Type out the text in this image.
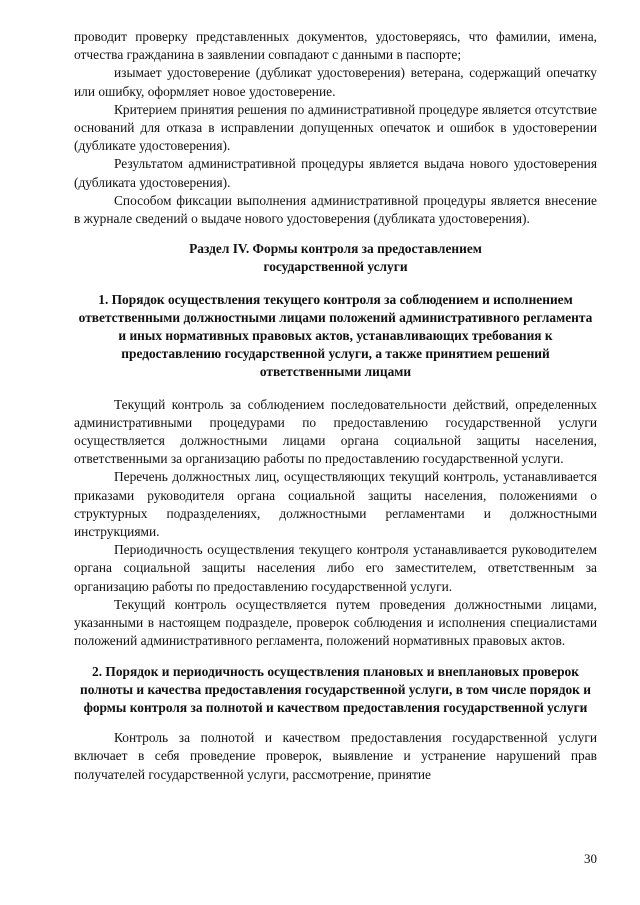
проводит проверку представленных документов, удостоверяясь, что фамилии, имена, отчества гражданина в заявлении совпадают с данными в паспорте;

изымает удостоверение (дубликат удостоверения) ветерана, содержащий опечатку или ошибку, оформляет новое удостоверение.

Критерием принятия решения по административной процедуре является отсутствие оснований для отказа в исправлении допущенных опечаток и ошибок в удостоверении (дубликате удостоверения).

Результатом административной процедуры является выдача нового удостоверения (дубликата удостоверения).

Способом фиксации выполнения административной процедуры является внесение в журнале сведений о выдаче нового удостоверения (дубликата удостоверения).

Раздел IV. Формы контроля за предоставлением
государственной услуги
1. Порядок осуществления текущего контроля за соблюдением и исполнением ответственными должностными лицами положений административного регламента и иных нормативных правовых актов, устанавливающих требования к предоставлению государственной услуги, а также принятием решений ответственными лицами

Текущий контроль за соблюдением последовательности действий, определенных административными процедурами по предоставлению государственной услуги осуществляется должностными лицами органа социальной защиты населения, ответственными за организацию работы по предоставлению государственной услуги.

Перечень должностных лиц, осуществляющих текущий контроль, устанавливается приказами руководителя органа социальной защиты населения, положениями о структурных подразделениях, должностными регламентами и должностными инструкциями.

Периодичность осуществления текущего контроля устанавливается руководителем органа социальной защиты населения либо его заместителем, ответственным за организацию работы по предоставлению государственной услуги.

Текущий контроль осуществляется путем проведения должностными лицами, указанными в настоящем подразделе, проверок соблюдения и исполнения специалистами положений административного регламента, положений нормативных правовых актов.

2. Порядок и периодичность осуществления плановых и внеплановых проверок полноты и качества предоставления государственной услуги, в том числе порядок и формы контроля за полнотой и качеством предоставления государственной услуги

Контроль за полнотой и качеством предоставления государственной услуги включает в себя проведение проверок, выявление и устранение нарушений прав получателей государственной услуги, рассмотрение, принятие

30
